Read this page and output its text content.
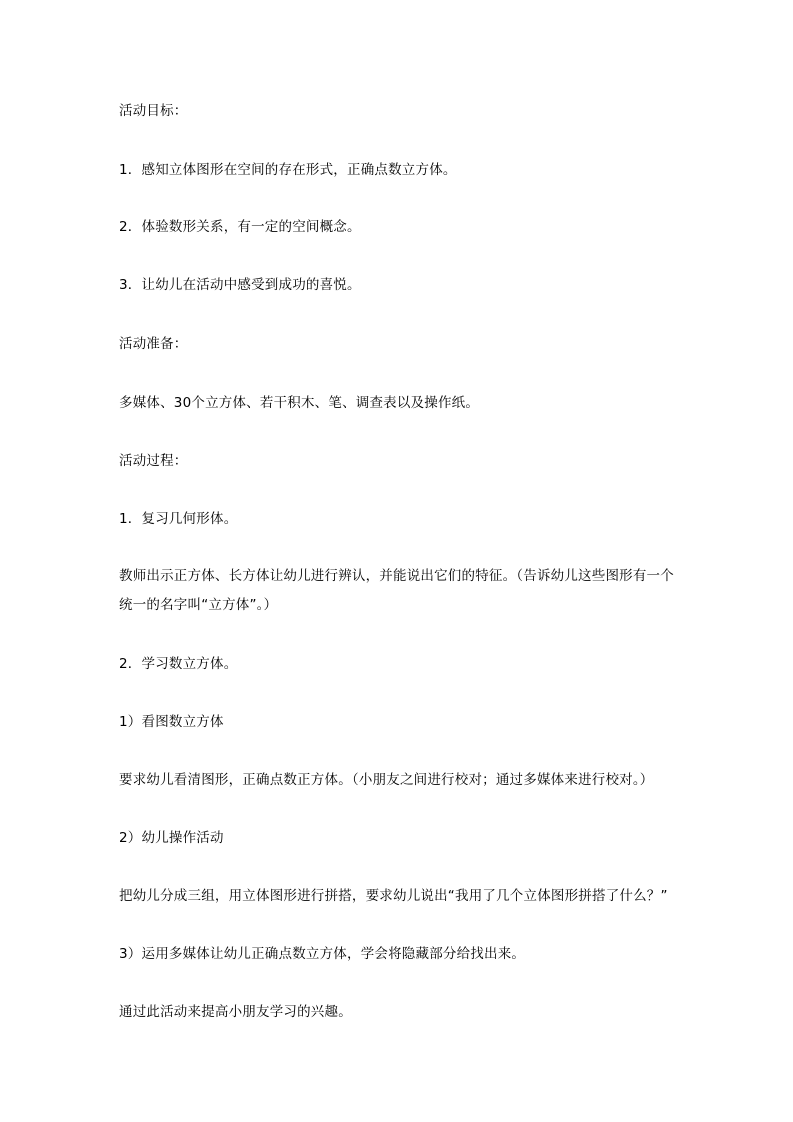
活动目标：
1．感知立体图形在空间的存在形式，正确点数立方体。
2．体验数形关系，有一定的空间概念。
3．让幼儿在活动中感受到成功的喜悦。
活动准备：
多媒体、30个立方体、若干积木、笔、调查表以及操作纸。
活动过程：
1．复习几何形体。
教师出示正方体、长方体让幼儿进行辨认，并能说出它们的特征。（告诉幼儿这些图形有一个统一的名字叫“立方体”。）
2．学习数立方体。
1）看图数立方体
要求幼儿看清图形，正确点数正方体。（小朋友之间进行校对；通过多媒体来进行校对。）
2）幼儿操作活动
把幼儿分成三组，用立体图形进行拼搭，要求幼儿说出“我用了几个立体图形拼搭了什么？”
3）运用多媒体让幼儿正确点数立方体，学会将隐藏部分给找出来。
通过此活动来提高小朋友学习的兴趣。
